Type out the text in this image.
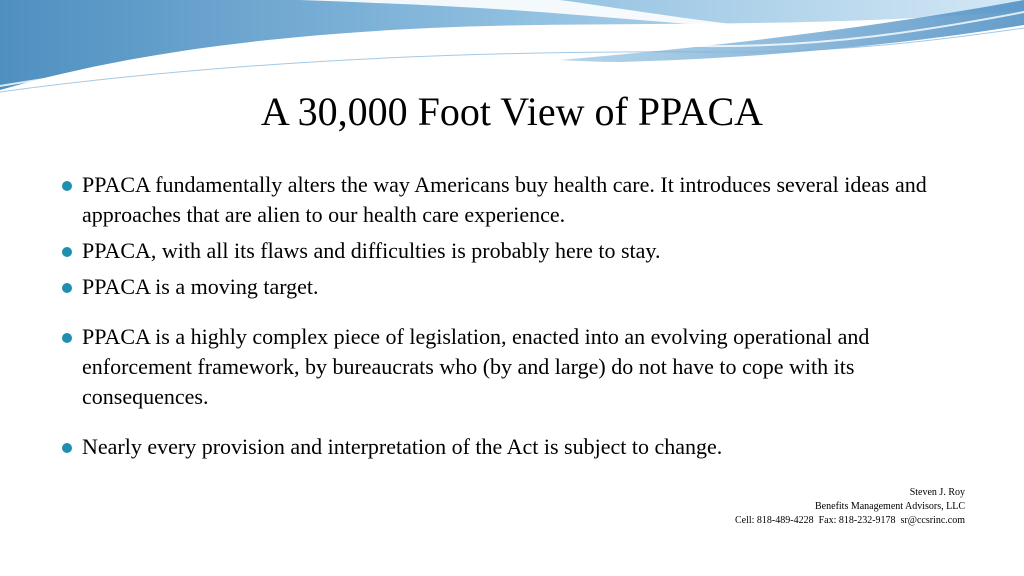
A 30,000 Foot View of PPACA
PPACA fundamentally alters the way Americans buy health care. It introduces several ideas and approaches that are alien to our health care experience.
PPACA, with all its flaws and difficulties is probably here to stay.
PPACA is a moving target.
PPACA is a highly complex piece of legislation, enacted into an evolving operational and enforcement framework, by bureaucrats who (by and large) do not have to cope with its consequences.
Nearly every provision and interpretation of the Act is subject to change.
Steven J. Roy
Benefits Management Advisors, LLC
Cell: 818-489-4228  Fax: 818-232-9178  sr@ccsrinc.com
